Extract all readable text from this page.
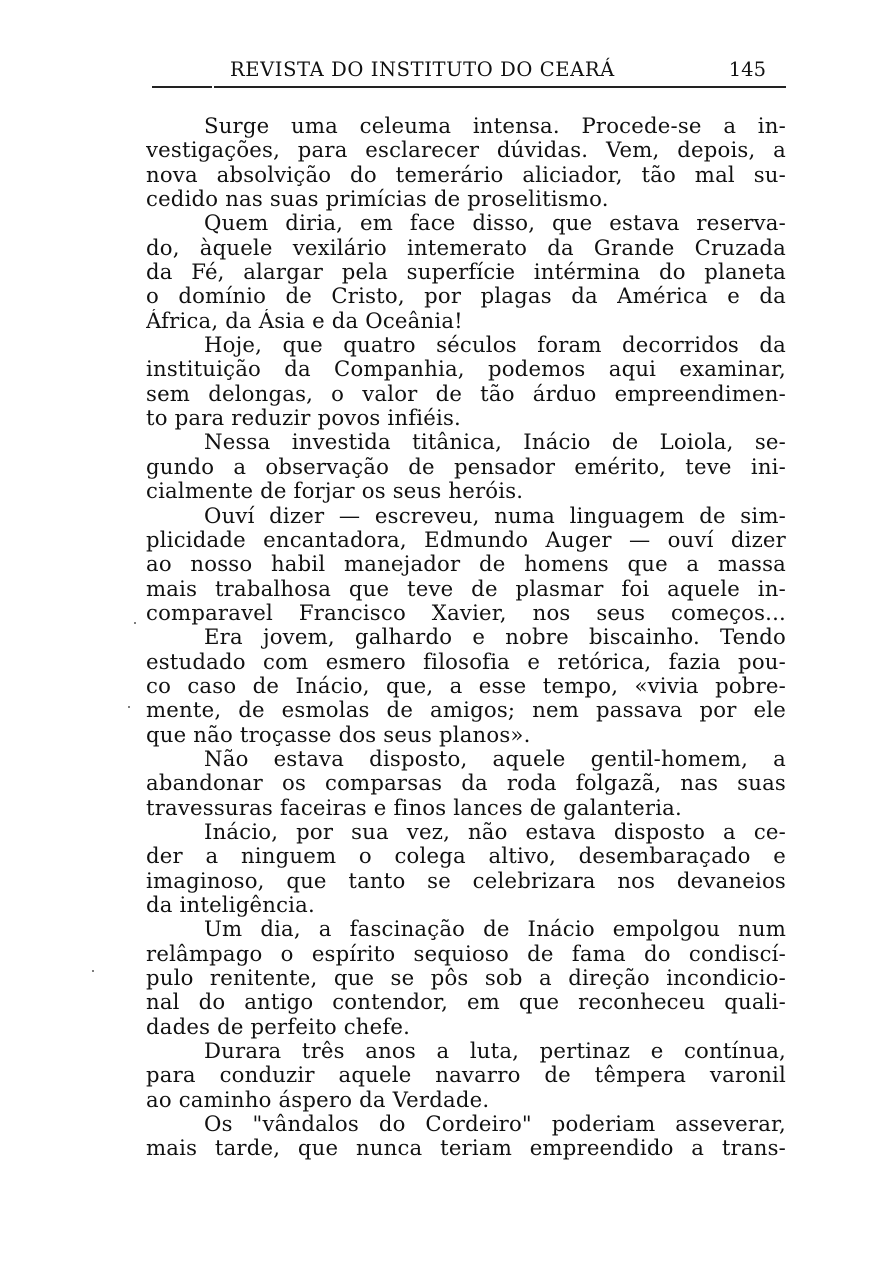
REVISTA DO INSTITUTO DO CEARÁ	145
Surge uma celeuma intensa. Procede-se a in-
vestigações, para esclarecer dúvidas. Vem, depois, a
nova absolvição do temerário aliciador, tão mal su-
cedido nas suas primícias de proselitismo.
Quem diria, em face disso, que estava reserva-
do, àquele vexilário intemerato da Grande Cruzada
da Fé, alargar pela superfície intérmina do planeta
o domínio de Cristo, por plagas da América e da
África, da Ásia e da Oceânia!
Hoje, que quatro séculos foram decorridos da
instituição da Companhia, podemos aqui examinar,
sem delongas, o valor de tão árduo empreendimen-
to para reduzir povos infiéis.
Nessa investida titânica, Inácio de Loiola, se-
gundo a observação de pensador emérito, teve ini-
cialmente de forjar os seus heróis.
Ouví dizer — escreveu, numa linguagem de sim-
plicidade encantadora, Edmundo Auger — ouví dizer
ao nosso habil manejador de homens que a massa
mais trabalhosa que teve de plasmar foi aquele in-
comparavel Francisco Xavier, nos seus começos...
Era jovem, galhardo e nobre biscainho. Tendo
estudado com esmero filosofia e retórica, fazia pou-
co caso de Inácio, que, a esse tempo, «vivia pobre-
mente, de esmolas de amigos; nem passava por ele
que não troçasse dos seus planos».
Não estava disposto, aquele gentil-homem, a
abandonar os comparsas da roda folgazã, nas suas
travessuras faceiras e finos lances de galanteria.
Inácio, por sua vez, não estava disposto a ce-
der a ninguem o colega altivo, desembaraçado e
imaginoso, que tanto se celebrizara nos devaneios
da inteligência.
Um dia, a fascinação de Inácio empolgou num
relâmpago o espírito sequioso de fama do condiscí-
pulo renitente, que se pôs sob a direção incondicio-
nal do antigo contendor, em que reconheceu quali-
dades de perfeito chefe.
Durara três anos a luta, pertinaz e contínua,
para conduzir aquele navarro de têmpera varonil
ao caminho áspero da Verdade.
Os "vândalos do Cordeiro" poderiam asseverar,
mais tarde, que nunca teriam empreendido a trans-
